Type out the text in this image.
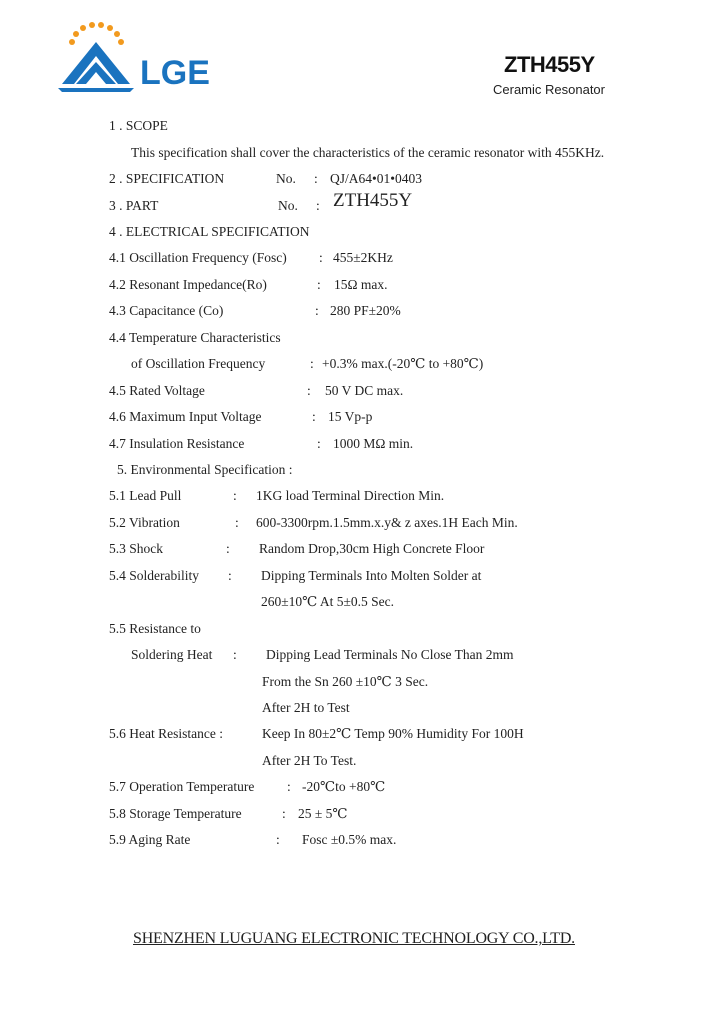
LGE	ZTH455Y
Ceramic Resonator
1 . SCOPE
This specification shall cover the characteristics of the ceramic resonator with 455KHz.
2 . SPECIFICATION	No. : QJ/A64•01•0403
3 . PART	No. : ZTH455Y
4 . ELECTRICAL SPECIFICATION
4.1 Oscillation Frequency (Fosc) : 455±2KHz
4.2 Resonant Impedance(Ro)	: 15Ω max.
4.3 Capacitance (Co)	: 280 PF±20%
4.4 Temperature Characteristics
of Oscillation Frequency	: +0.3% max.(-20℃ to +80℃)
4.5 Rated Voltage	: 50 V DC max.
4.6 Maximum Input Voltage	: 15 Vp-p
4.7 Insulation Resistance	: 1000 MΩ min.
5. Environmental Specification :
5.1 Lead Pull	: 1KG load Terminal Direction Min.
5.2 Vibration	: 600-3300rpm.1.5mm.x.y& z axes.1H Each Min.
5.3 Shock	: Random Drop,30cm High Concrete Floor
5.4 Solderability : Dipping Terminals Into Molten Solder at
260±10℃ At 5±0.5 Sec.
5.5 Resistance to
Soldering Heat : Dipping Lead Terminals No Close Than 2mm
From the Sn 260 ±10℃ 3 Sec.
After 2H to Test
5.6 Heat Resistance :	Keep In 80±2℃ Temp 90% Humidity For 100H
After 2H To Test.
5.7 Operation Temperature : -20℃to +80℃
5.8 Storage Temperature	: 25 ± 5℃
5.9 Aging Rate	: Fosc ±0.5% max.
SHENZHEN LUGUANG ELECTRONIC TECHNOLOGY CO.,LTD.
